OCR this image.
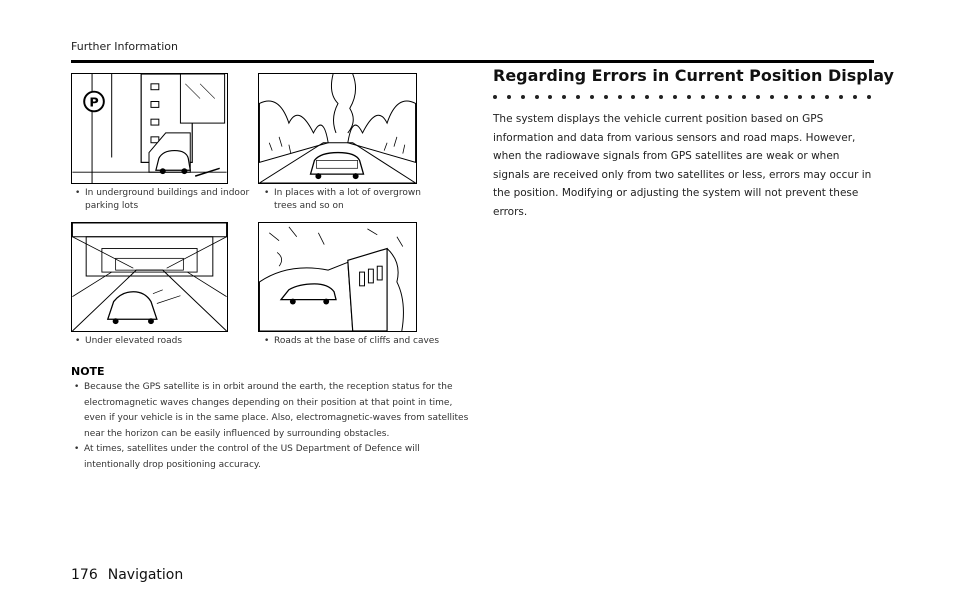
Further Information
P
• In underground buildings and indoor parking lots
• In places with a lot of overgrown trees and so on
• Under elevated roads
•	Roads at the base of cliffs and caves
NOTE
• Because the GPS satellite is in orbit around the earth, the reception status for the electromagnetic waves changes depending on their position at that point in time, even if your vehicle is in the same place. Also, electromagnetic-waves from satellites near the horizon can be easily influenced by surrounding obstacles.
• At times, satellites under the control of the US Department of Defence will intentionally drop positioning accuracy.
Regarding Errors in Current Position Display

The system displays the vehicle current position based on GPS information and data from various sensors and road maps. However, when the radiowave signals from GPS satellites are weak or when signals are received only from two satellites or less, errors may occur in the position. Modifying or adjusting the system will not prevent these errors.

176 Navigation
